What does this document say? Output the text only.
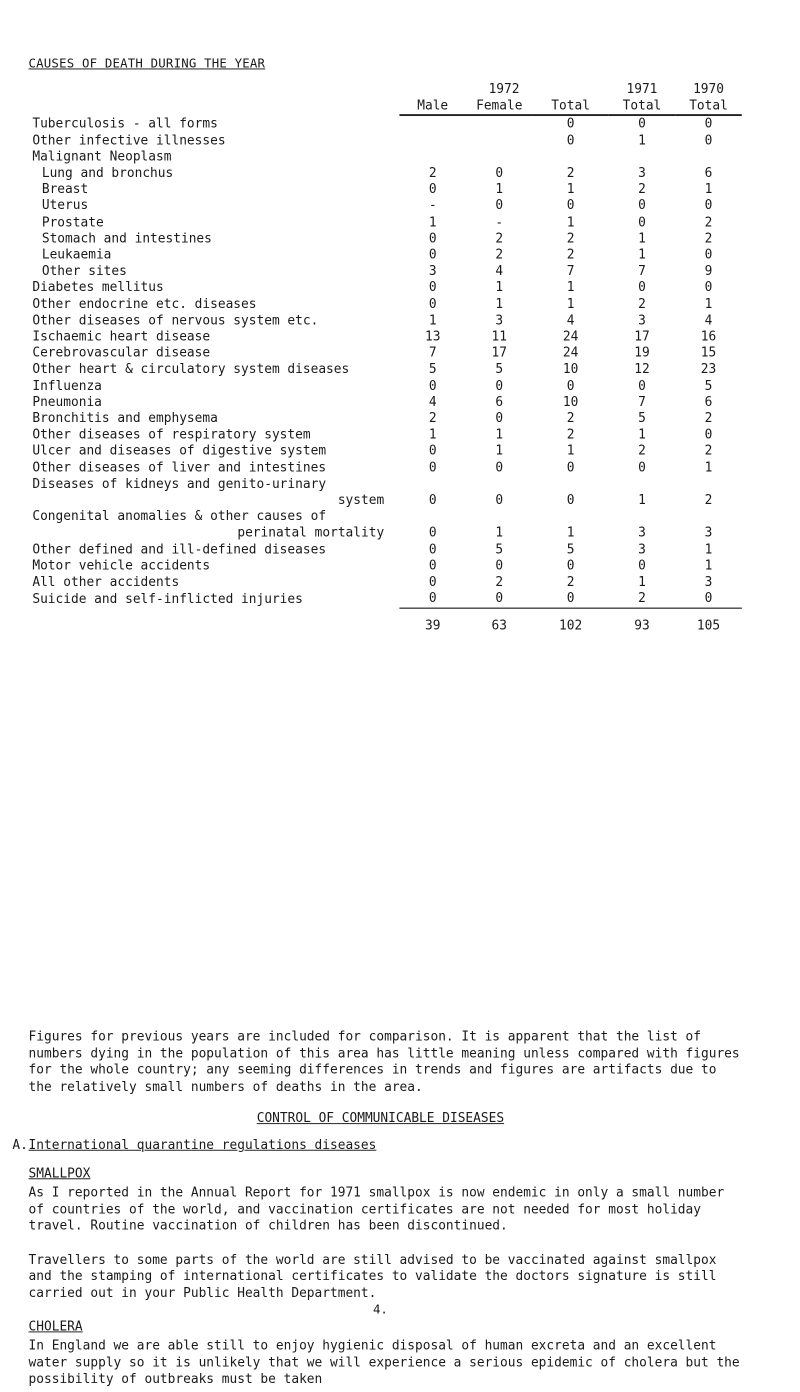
CAUSES OF DEATH DURING THE YEAR
	1972			1971	1970
	Male	Female	Total	Total	Total
Tuberculosis - all forms			0	0	0
Other infective illnesses			0	1	0
Malignant Neoplasm					
Lung and bronchus	2	0	2	3	6
Breast	0	1	1	2	1
Uterus	-	0	0	0	0
Prostate	1	-	1	0	2
Stomach and intestines	0	2	2	1	2
Leukaemia	0	2	2	1	0
Other sites	3	4	7	7	9
Diabetes mellitus	0	1	1	0	0
Other endocrine etc. diseases	0	1	1	2	1
Other diseases of nervous system etc.	1	3	4	3	4
Ischaemic heart disease	13	11	24	17	16
Cerebrovascular disease	7	17	24	19	15
Other heart & circulatory system diseases	5	5	10	12	23
Influenza	0	0	0	0	5
Pneumonia	4	6	10	7	6
Bronchitis and emphysema	2	0	2	5	2
Other diseases of respiratory system	1	1	2	1	0
Ulcer and diseases of digestive system	0	1	1	2	2
Other diseases of liver and intestines	0	0	0	0	1
Diseases of kidneys and genito-urinary					
system	0	0	0	1	2
Congenital anomalies & other causes of					
perinatal mortality	0	1	1	3	3
Other defined and ill-defined diseases	0	5	5	3	1
Motor vehicle accidents	0	0	0	0	1
All other accidents	0	2	2	1	3
Suicide and self-inflicted injuries	0	0	0	2	0
	39	63	102	93	105
Figures for previous years are included for comparison. It is apparent that the list of numbers dying in the population of this area has little meaning unless compared with figures for the whole country; any seeming differences in trends and figures are artifacts due to the relatively small numbers of deaths in the area.
CONTROL OF COMMUNICABLE DISEASES
A. International quarantine regulations diseases
SMALLPOX
As I reported in the Annual Report for 1971 smallpox is now endemic in only a small number of countries of the world, and vaccination certificates are not needed for most holiday travel. Routine vaccination of children has been discontinued.
4.
Travellers to some parts of the world are still advised to be vaccinated against smallpox and the stamping of international certificates to validate the doctors signature is still carried out in your Public Health Department.
CHOLERA
In England we are able still to enjoy hygienic disposal of human excreta and an excellent water supply so it is unlikely that we will experience a serious epidemic of cholera but the possibility of outbreaks must be taken
